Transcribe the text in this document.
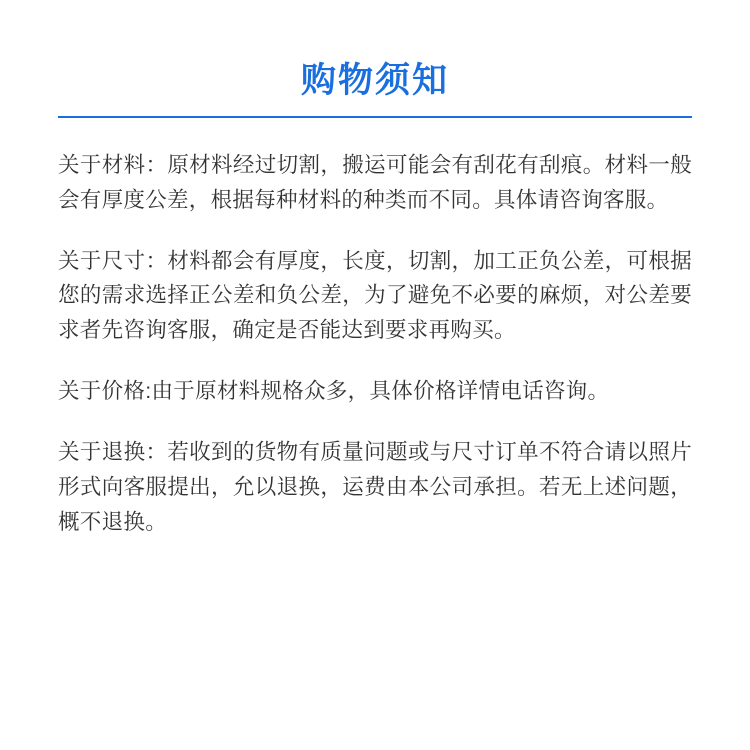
购物须知

关于材料：原材料经过切割，搬运可能会有刮花有刮痕。材料一般会有厚度公差，根据每种材料的种类而不同。具体请咨询客服。

关于尺寸：材料都会有厚度，长度，切割，加工正负公差，可根据您的需求选择正公差和负公差，为了避免不必要的麻烦，对公差要求者先咨询客服，确定是否能达到要求再购买。

关于价格:由于原材料规格众多，具体价格详情电话咨询。

关于退换：若收到的货物有质量问题或与尺寸订单不符合请以照片形式向客服提出，允以退换，运费由本公司承担。若无上述问题，概不退换。
